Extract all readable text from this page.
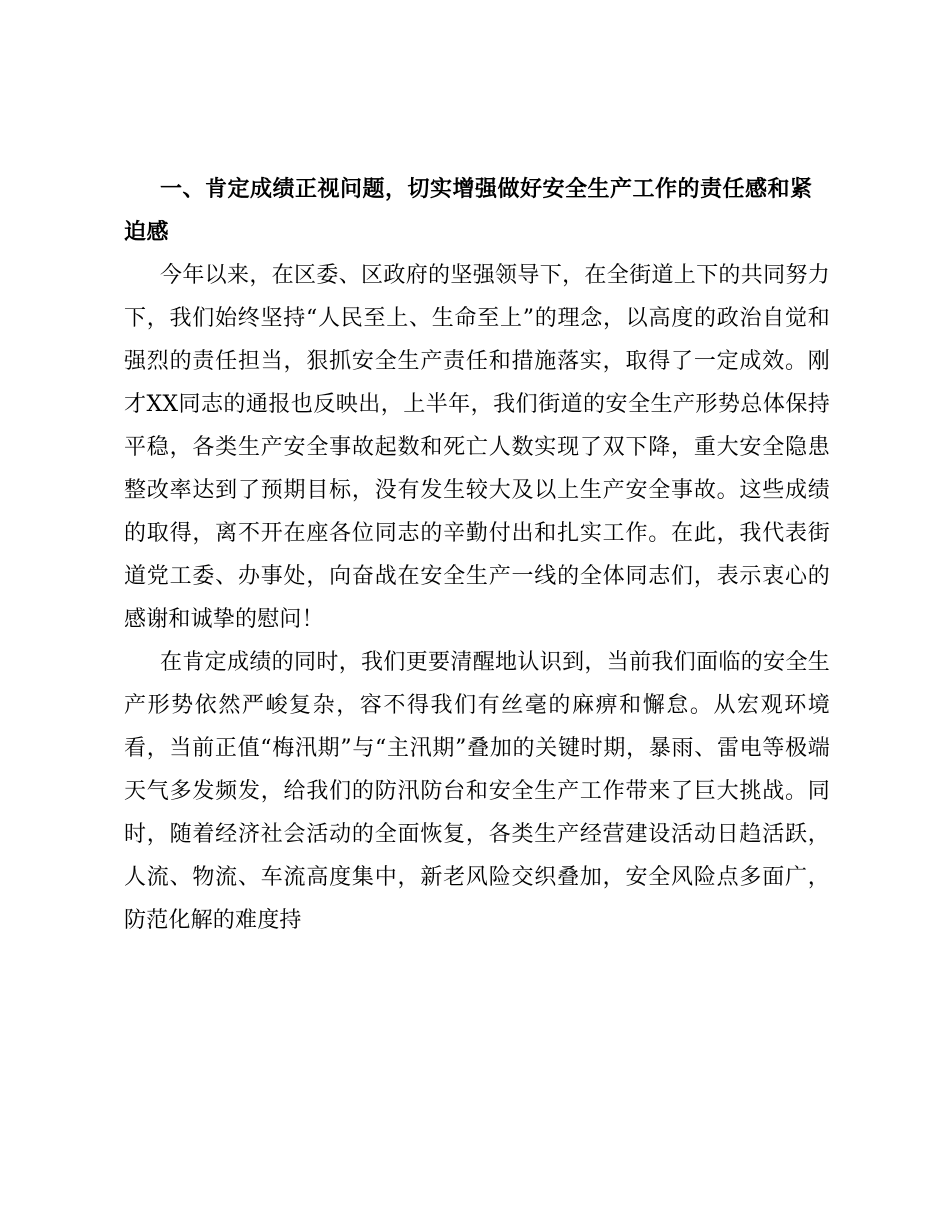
一、肯定成绩正视问题，切实增强做好安全生产工作的责任感和紧迫感

今年以来，在区委、区政府的坚强领导下，在全街道上下的共同努力下，我们始终坚持“人民至上、生命至上”的理念，以高度的政治自觉和强烈的责任担当，狠抓安全生产责任和措施落实，取得了一定成效。刚才XX同志的通报也反映出，上半年，我们街道的安全生产形势总体保持平稳，各类生产安全事故起数和死亡人数实现了双下降，重大安全隐患整改率达到了预期目标，没有发生较大及以上生产安全事故。这些成绩的取得，离不开在座各位同志的辛勤付出和扎实工作。在此，我代表街道党工委、办事处，向奋战在安全生产一线的全体同志们，表示衷心的感谢和诚挚的慰问！

在肯定成绩的同时，我们更要清醒地认识到，当前我们面临的安全生产形势依然严峻复杂，容不得我们有丝毫的麻痹和懈怠。从宏观环境看，当前正值“梅汛期”与“主汛期”叠加的关键时期，暴雨、雷电等极端天气多发频发，给我们的防汛防台和安全生产工作带来了巨大挑战。同时，随着经济社会活动的全面恢复，各类生产经营建设活动日趋活跃，人流、物流、车流高度集中，新老风险交织叠加，安全风险点多面广，防范化解的难度持
